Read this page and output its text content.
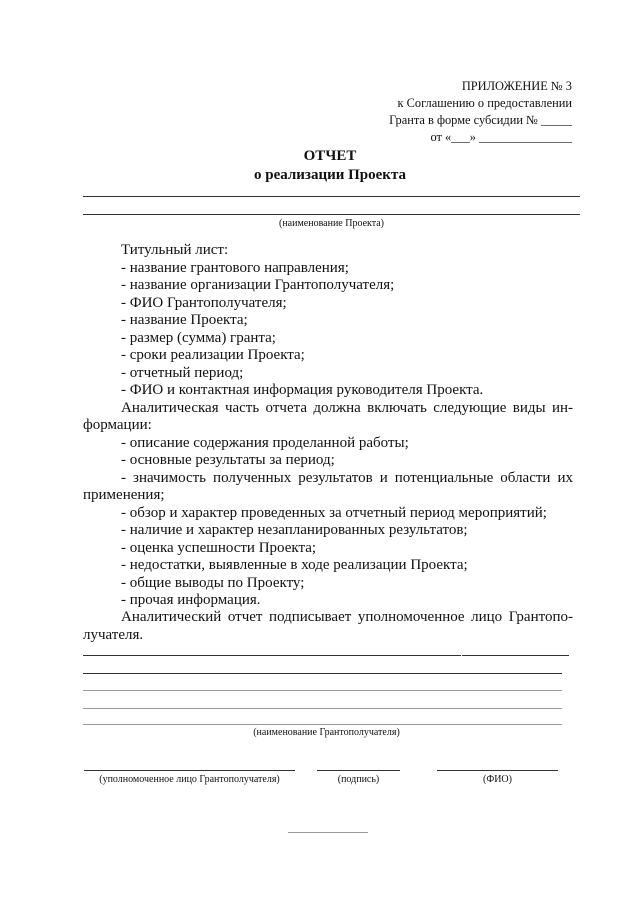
ПРИЛОЖЕНИЕ № 3
к Соглашению о предоставлении
Гранта в форме субсидии № _____
от «___» _______________
ОТЧЕТ
о реализации Проекта
(наименование Проекта)
Титульный лист:
- название грантового направления;
- название организации Грантополучателя;
- ФИО Грантополучателя;
- название Проекта;
- размер (сумма) гранта;
- сроки реализации Проекта;
- отчетный период;
- ФИО и контактная информация руководителя Проекта.
Аналитическая часть отчета должна включать следующие виды ин-
формации:
- описание содержания проделанной работы;
- основные результаты за период;
- значимость полученных результатов и потенциальные области их
применения;
- обзор и характер проведенных за отчетный период мероприятий;
- наличие и характер незапланированных результатов;
- оценка успешности Проекта;
- недостатки, выявленные в ходе реализации Проекта;
- общие выводы по Проекту;
- прочая информация.
Аналитический отчет подписывает уполномоченное лицо Грантопо-
лучателя.
(наименование Грантополучателя)
(уполномоченное лицо Грантополучателя)	(подпись)	(ФИО)
